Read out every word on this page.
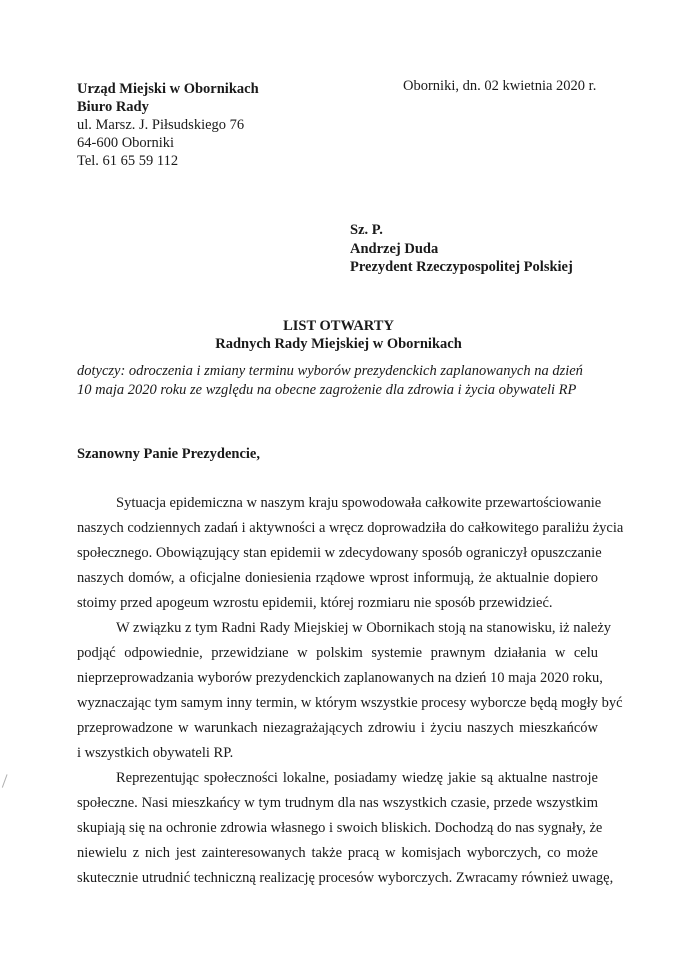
Urząd Miejski w Obornikach
Biuro Rady
ul. Marsz. J. Piłsudskiego 76
64-600 Oborniki
Tel. 61 65 59 112
Oborniki, dn. 02 kwietnia 2020 r.
Sz. P.
Andrzej Duda
Prezydent Rzeczypospolitej Polskiej
LIST OTWARTY
Radnych Rady Miejskiej w Obornikach
dotyczy: odroczenia i zmiany terminu wyborów prezydenckich zaplanowanych na dzień
10 maja 2020 roku ze względu na obecne zagrożenie dla zdrowia i życia obywateli RP
Szanowny Panie Prezydencie,
Sytuacja epidemiczna w naszym kraju spowodowała całkowite przewartościowanie
naszych codziennych zadań i aktywności a wręcz doprowadziła do całkowitego paraliżu życia
społecznego. Obowiązujący stan epidemii w zdecydowany sposób ograniczył opuszczanie
naszych domów, a oficjalne doniesienia rządowe wprost informują, że aktualnie dopiero
stoimy przed apogeum wzrostu epidemii, której rozmiaru nie sposób przewidzieć.
W związku z tym Radni Rady Miejskiej w Obornikach stoją na stanowisku, iż należy
podjąć odpowiednie, przewidziane w polskim systemie prawnym działania w celu
nieprzeprowadzania wyborów prezydenckich zaplanowanych na dzień 10 maja 2020 roku,
wyznaczając tym samym inny termin, w którym wszystkie procesy wyborcze będą mogły być
przeprowadzone w warunkach niezagrażających zdrowiu i życiu naszych mieszkańców
i wszystkich obywateli RP.
Reprezentując społeczności lokalne, posiadamy wiedzę jakie są aktualne nastroje
społeczne. Nasi mieszkańcy w tym trudnym dla nas wszystkich czasie, przede wszystkim
skupiają się na ochronie zdrowia własnego i swoich bliskich. Dochodzą do nas sygnały, że
niewielu z nich jest zainteresowanych także pracą w komisjach wyborczych, co może
skutecznie utrudnić techniczną realizację procesów wyborczych. Zwracamy również uwagę,
